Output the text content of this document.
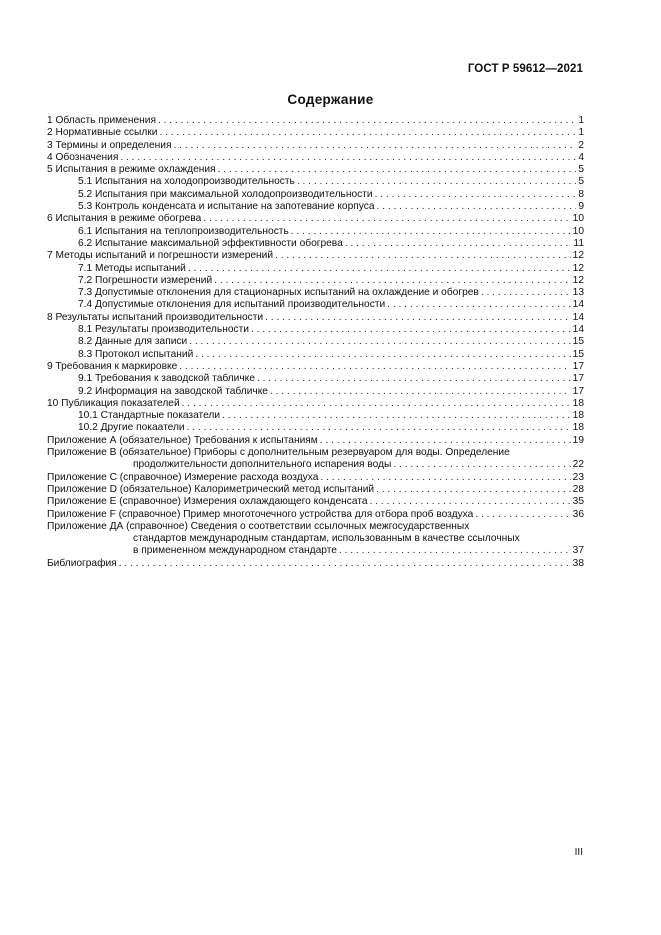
ГОСТ Р 59612—2021
Содержание
1 Область применения . . .	1
2 Нормативные ссылки . . .	1
3 Термины и определения . . .	2
4 Обозначения . . .	4
5 Испытания в режиме охлаждения . . .	5
5.1 Испытания на холодопроизводительность . . .	5
5.2 Испытания при максимальной холодопроизводительности . . .	8
5.3 Контроль конденсата и испытание на запотевание корпуса . . .	9
6 Испытания в режиме обогрева . . .	10
6.1 Испытания на теплопроизводительность . . .	10
6.2 Испытание максимальной эффективности обогрева . . .	11
7 Методы испытаний и погрешности измерений . . .	12
7.1 Методы испытаний . . .	12
7.2 Погрешности измерений . . .	12
7.3 Допустимые отклонения для стационарных испытаний на охлаждение и обогрев . . .	13
7.4 Допустимые отклонения для испытаний производительности . . .	14
8 Результаты испытаний производительности . . .	14
8.1 Результаты производительности . . .	14
8.2 Данные для записи . . .	15
8.3 Протокол испытаний . . .	15
9 Требования к маркировке . . .	17
9.1 Требования к заводской табличке . . .	17
9.2 Информация на заводской табличке . . .	17
10 Публикация показателей . . .	18
10.1 Стандартные показатели . . .	18
10.2 Другие покаатели . . .	18
Приложение А (обязательное) Требования к испытаниям . . .	19
Приложение В (обязательное) Приборы с дополнительным резервуаром для воды. Определение
продолжительности дополнительного испарения воды . . .	22
Приложение С (справочное) Измерение расхода воздуха . . .	23
Приложение D (обязательное) Калориметрический метод испытаний . . .	28
Приложение Е (справочное) Измерения охлаждающего конденсата . . .	35
Приложение F (справочное) Пример многоточечного устройства для отбора проб воздуха . . .	36
Приложение ДА (справочное) Сведения о соответствии ссылочных межгосударственных
стандартов международным стандартам, использованным в качестве ссылочных
в примененном международном стандарте . . .	37
Библиография . . .	38
III
